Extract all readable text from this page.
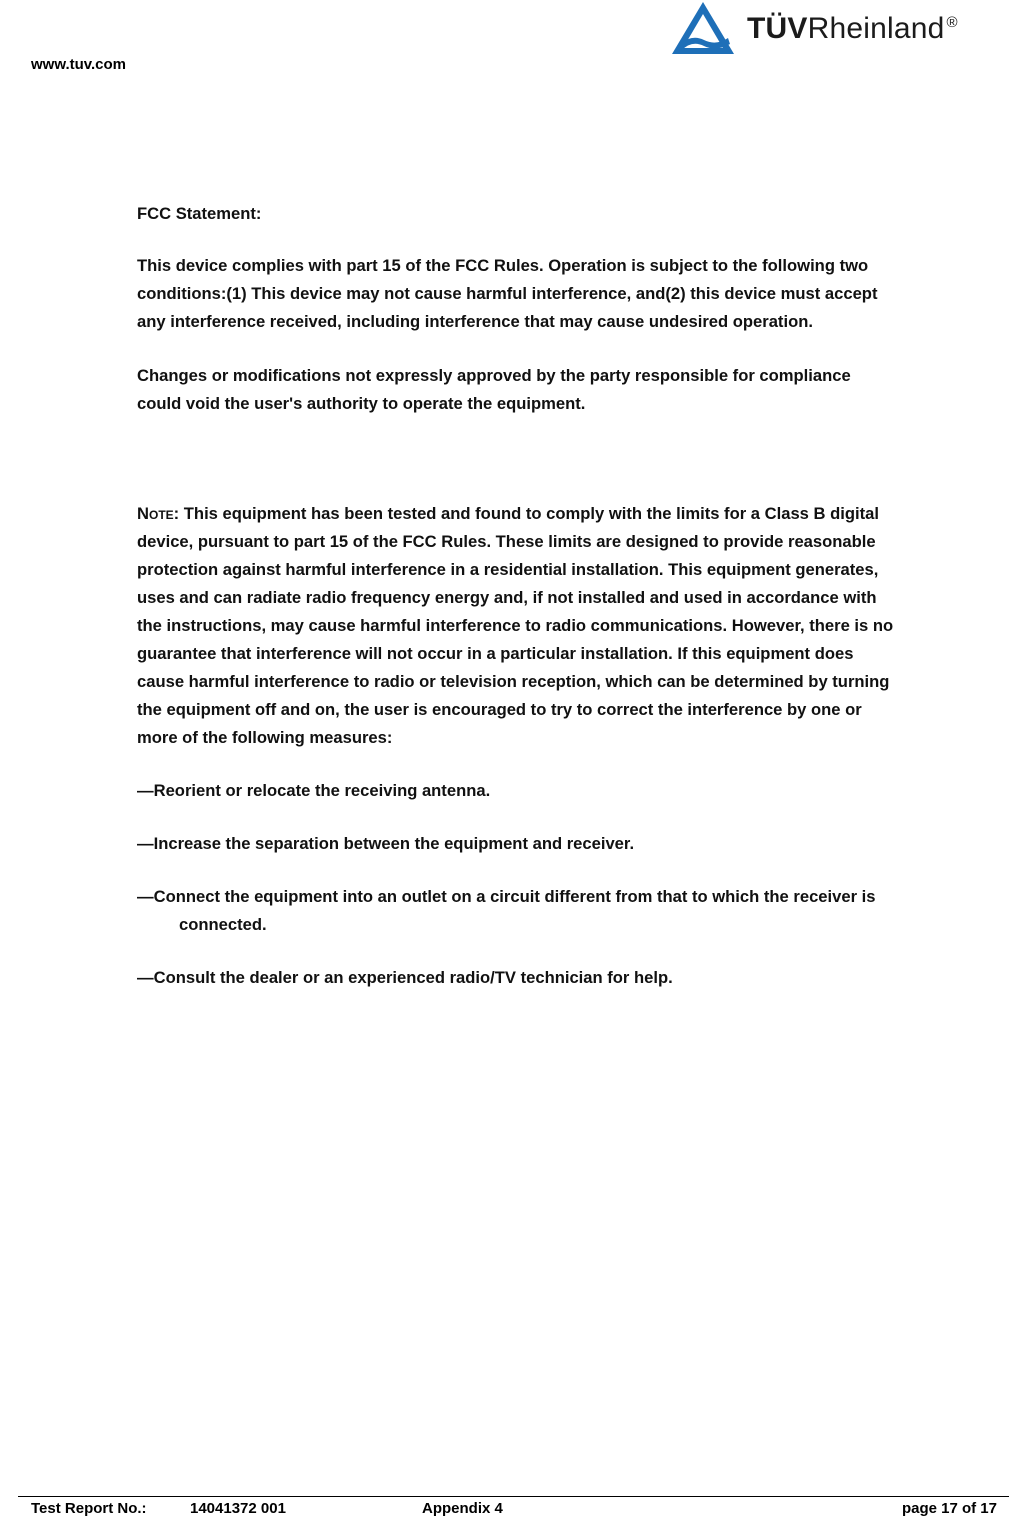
www.tuv.com
TÜVRheinland ®

FCC Statement:

This device complies with part 15 of the FCC Rules. Operation is subject to the following two conditions:(1) This device may not cause harmful interference, and(2) this device must accept any interference received, including interference that may cause undesired operation.

Changes or modifications not expressly approved by the party responsible for compliance could void the user's authority to operate the equipment.

Note: This equipment has been tested and found to comply with the limits for a Class B digital device, pursuant to part 15 of the FCC Rules. These limits are designed to provide reasonable protection against harmful interference in a residential installation. This equipment generates, uses and can radiate radio frequency energy and, if not installed and used in accordance with the instructions, may cause harmful interference to radio communications. However, there is no guarantee that interference will not occur in a particular installation. If this equipment does cause harmful interference to radio or television reception, which can be determined by turning the equipment off and on, the user is encouraged to try to correct the interference by one or more of the following measures:

—Reorient or relocate the receiving antenna.

—Increase the separation between the equipment and receiver.

—Connect the equipment into an outlet on a circuit different from that to which the receiver is connected.

—Consult the dealer or an experienced radio/TV technician for help.

Test Report No.:	14041372 001	Appendix 4	page 17 of 17
